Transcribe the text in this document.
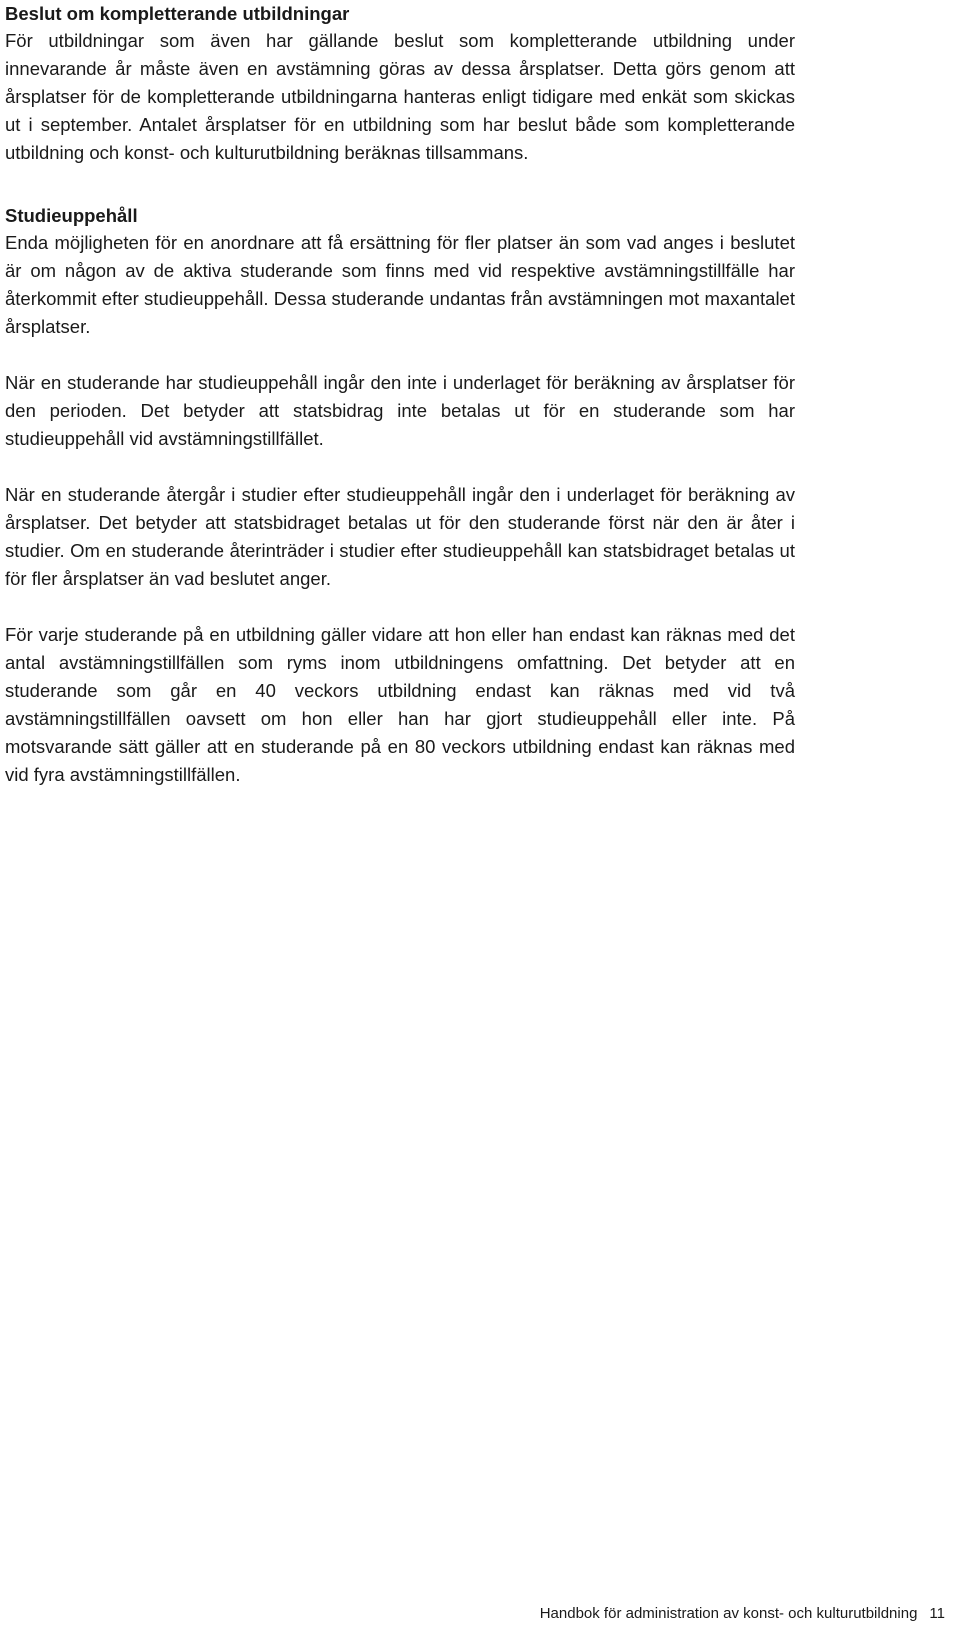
Beslut om kompletterande utbildningar

För utbildningar som även har gällande beslut som kompletterande utbildning under innevarande år måste även en avstämning göras av dessa årsplatser. Detta görs genom att årsplatser för de kompletterande utbildningarna hanteras enligt tidigare med enkät som skickas ut i september. Antalet årsplatser för en utbildning som har beslut både som kompletterande utbildning och konst- och kulturutbildning beräknas tillsammans.

Studieuppehåll

Enda möjligheten för en anordnare att få ersättning för fler platser än som vad anges i beslutet är om någon av de aktiva studerande som finns med vid respektive avstämningstillfälle har återkommit efter studieuppehåll. Dessa studerande undantas från avstämningen mot maxantalet årsplatser.

När en studerande har studieuppehåll ingår den inte i underlaget för beräkning av årsplatser för den perioden. Det betyder att statsbidrag inte betalas ut för en studerande som har studieuppehåll vid avstämningstillfället.

När en studerande återgår i studier efter studieuppehåll ingår den i underlaget för beräkning av årsplatser. Det betyder att statsbidraget betalas ut för den studerande först när den är åter i studier. Om en studerande återinträder i studier efter studieuppehåll kan statsbidraget betalas ut för fler årsplatser än vad beslutet anger.

För varje studerande på en utbildning gäller vidare att hon eller han endast kan räknas med det antal avstämningstillfällen som ryms inom utbildningens omfattning. Det betyder att en studerande som går en 40 veckors utbildning endast kan räknas med vid två avstämningstillfällen oavsett om hon eller han har gjort studieuppehåll eller inte. På motsvarande sätt gäller att en studerande på en 80 veckors utbildning endast kan räknas med vid fyra avstämningstillfällen.

Handbok för administration av konst- och kulturutbildning 11
